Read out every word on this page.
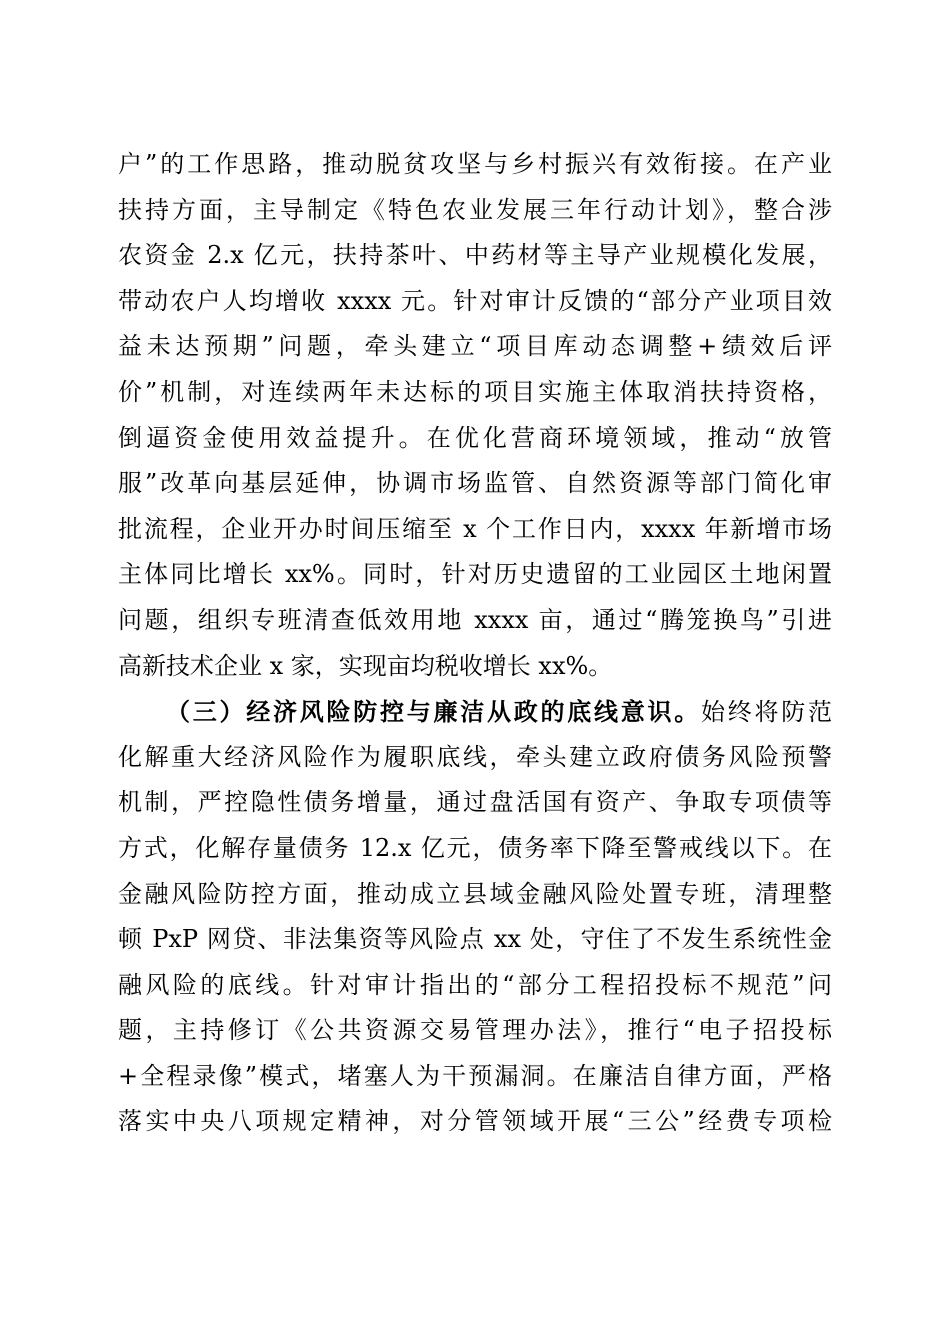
户”的工作思路，推动脱贫攻坚与乡村振兴有效衔接。在产业
扶持方面，主导制定《特色农业发展三年行动计划》，整合涉
农资金 2.x 亿元，扶持茶叶、中药材等主导产业规模化发展，
带动农户人均增收 xxxx 元。针对审计反馈的“部分产业项目效
益未达预期”问题，牵头建立“项目库动态调整+绩效后评
价”机制，对连续两年未达标的项目实施主体取消扶持资格，
倒逼资金使用效益提升。在优化营商环境领域，推动“放管
服”改革向基层延伸，协调市场监管、自然资源等部门简化审
批流程，企业开办时间压缩至 x 个工作日内，xxxx 年新增市场
主体同比增长 xx%。同时，针对历史遗留的工业园区土地闲置
问题，组织专班清查低效用地 xxxx 亩，通过“腾笼换鸟”引进
高新技术企业 x 家，实现亩均税收增长 xx%。
（三）经济风险防控与廉洁从政的底线意识。始终将防范
化解重大经济风险作为履职底线，牵头建立政府债务风险预警
机制，严控隐性债务增量，通过盘活国有资产、争取专项债等
方式，化解存量债务 12.x 亿元，债务率下降至警戒线以下。在
金融风险防控方面，推动成立县域金融风险处置专班，清理整
顿 PxP 网贷、非法集资等风险点 xx 处，守住了不发生系统性金
融风险的底线。针对审计指出的“部分工程招投标不规范”问
题，主持修订《公共资源交易管理办法》，推行“电子招投标
+全程录像”模式，堵塞人为干预漏洞。在廉洁自律方面，严格
落实中央八项规定精神，对分管领域开展“三公”经费专项检
